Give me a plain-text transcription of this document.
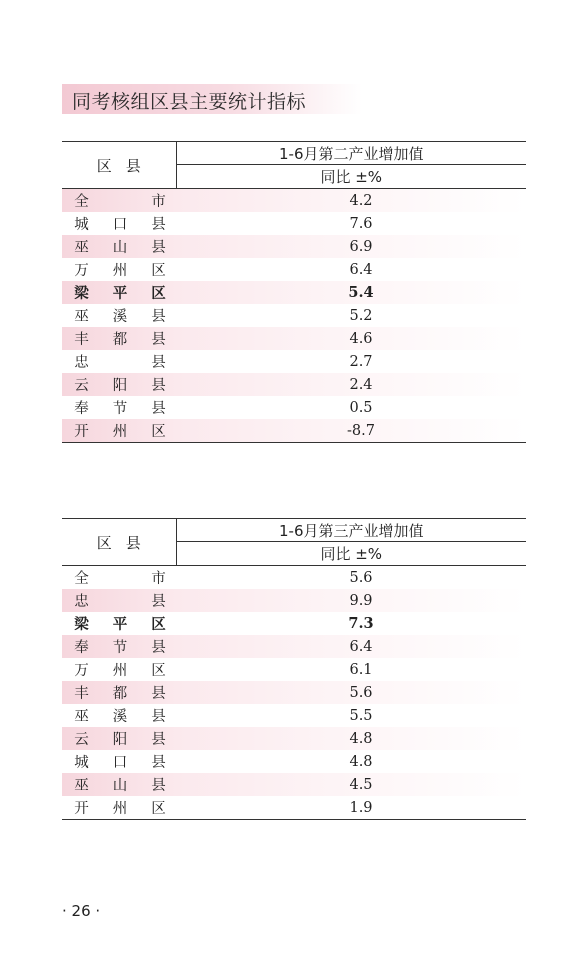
同考核组区县主要统计指标
区县	1-6月第二产业增加值
	同比 ±%

全 市	4.2

城 口 县	7.6

巫 山 县	6.9

万 州 区	6.4

梁 平 区	5.4

巫 溪 县	5.2

丰 都 县	4.6

忠 县	2.7

云 阳 县	2.4

奉 节 县	0.5

开 州 区	-8.7
区县	1-6月第三产业增加值
	同比 ±%

全 市	5.6

忠 县	9.9

梁 平 区	7.3

奉 节 县	6.4

万 州 区	6.1

丰 都 县	5.6

巫 溪 县	5.5

云 阳 县	4.8

城 口 县	4.8

巫 山 县	4.5

开 州 区	1.9
· 26 ·
